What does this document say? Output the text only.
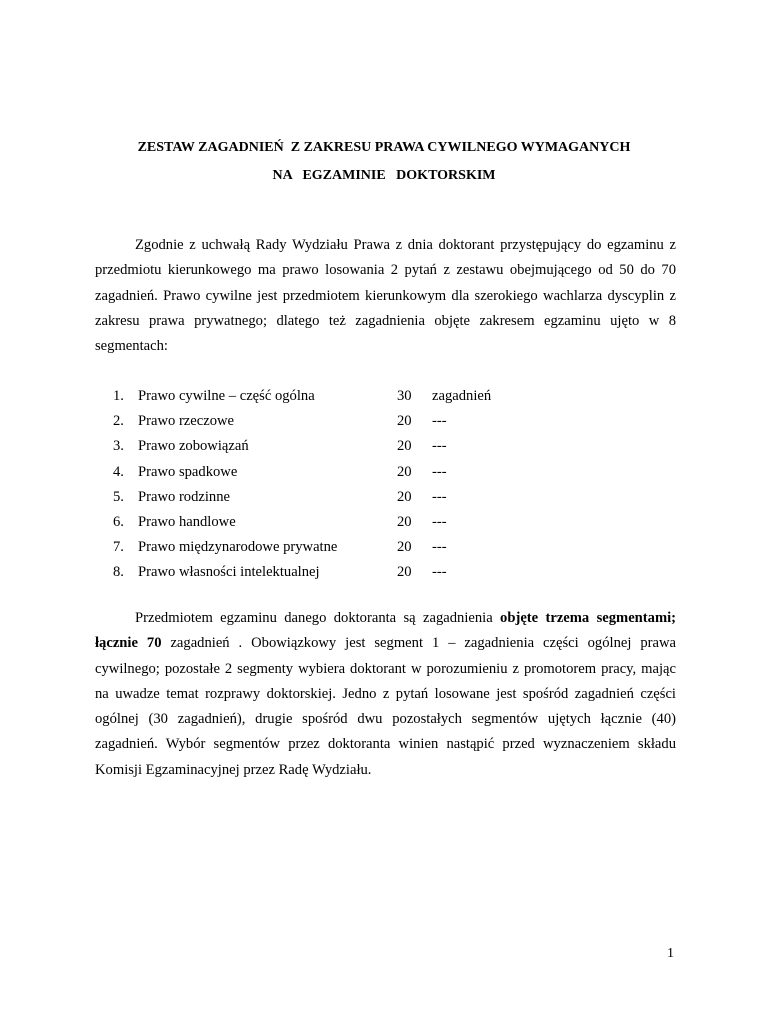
ZESTAW ZAGADNIEŃ  Z ZAKRESU PRAWA CYWILNEGO WYMAGANYCH
NA   EGZAMINIE   DOKTORSKIM

Zgodnie z uchwałą Rady Wydziału Prawa z dnia doktorant przystępujący do egzaminu z przedmiotu kierunkowego ma prawo losowania 2 pytań z zestawu obejmującego od 50 do 70 zagadnień. Prawo cywilne jest przedmiotem kierunkowym dla szerokiego wachlarza dyscyplin z zakresu prawa prywatnego; dlatego też zagadnienia objęte zakresem egzaminu ujęto w 8 segmentach:

1. Prawo cywilne – część ogólna	30 zagadnień
2. Prawo rzeczowe	20 ---
3. Prawo zobowiązań	20 ---
4. Prawo spadkowe	20 ---
5. Prawo rodzinne	20 ---
6. Prawo handlowe	20 ---
7. Prawo międzynarodowe prywatne	20 ---
8. Prawo własności intelektualnej	20 ---

Przedmiotem egzaminu danego doktoranta są zagadnienia objęte trzema segmentami; łącznie 70 zagadnień . Obowiązkowy jest segment 1 – zagadnienia części ogólnej prawa cywilnego; pozostałe 2 segmenty wybiera doktorant w porozumieniu z promotorem pracy, mając na uwadze temat rozprawy doktorskiej. Jedno z pytań losowane jest spośród zagadnień części ogólnej (30 zagadnień), drugie spośród dwu pozostałych segmentów ujętych łącznie (40) zagadnień. Wybór segmentów przez doktoranta winien nastąpić przed wyznaczeniem składu Komisji Egzaminacyjnej przez Radę Wydziału.

1
